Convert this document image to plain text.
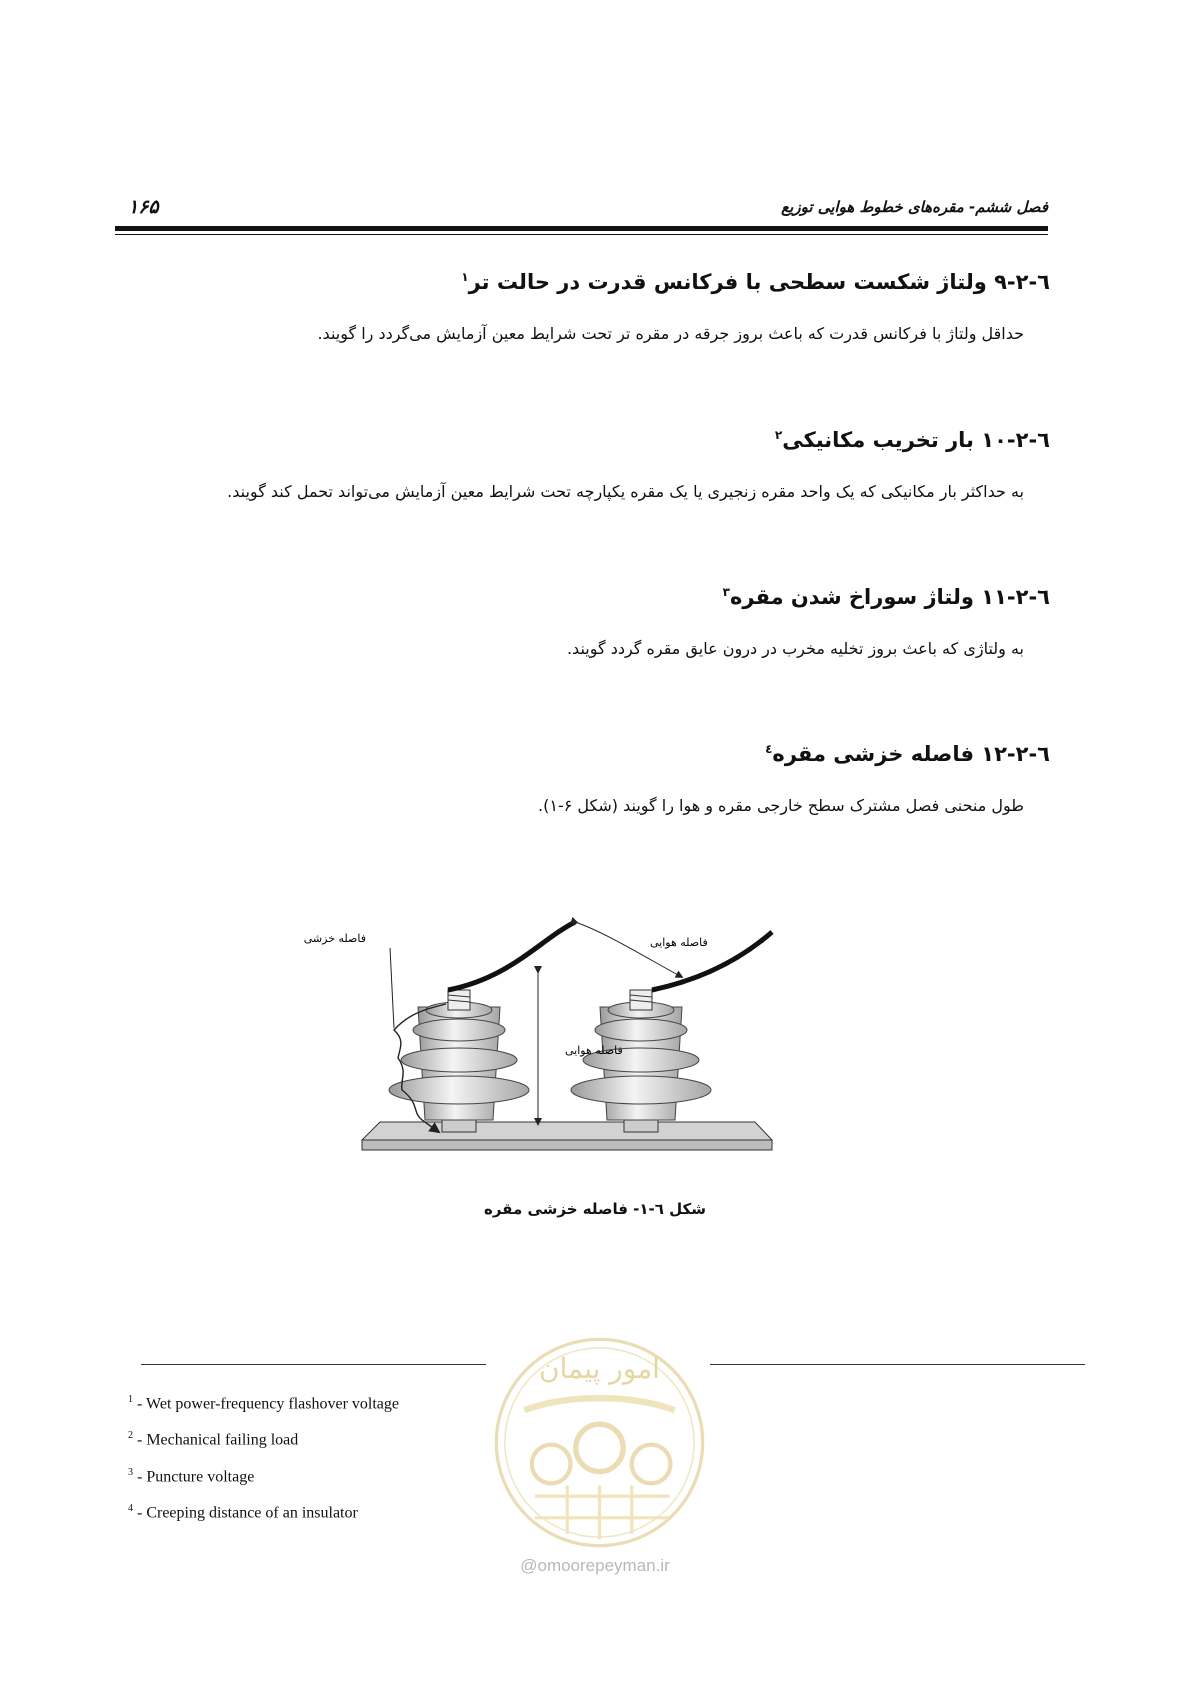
۱۶۵	فصل ششم- مقره‌های خطوط هوایی توزیع
٦-٢-٩ ولتاژ شکست سطحی با فرکانس قدرت در حالت تر$^١$

حداقل ولتاژ با فرکانس قدرت که باعث بروز جرقه در مقره تر تحت شرایط معین آزمایش می‌گردد را گویند.

٦-٢-١٠ بار تخریب مکانیکی$^٢$

به حداکثر بار مکانیکی که یک واحد مقره زنجیری یا یک مقره یکپارچه تحت شرایط معین آزمایش می‌تواند تحمل کند گویند.

٦-٢-١١ ولتاژ سوراخ شدن مقره$^٣$

به ولتاژی که باعث بروز تخلیه مخرب در درون عایق مقره گردد گویند.

٦-٢-١٢ فاصله خزشی مقره$^٤$

طول منحنی فصل مشترک سطح خارجی مقره و هوا را گویند (شکل ۶-۱).

فاصله هوایی
فاصله هوایی
فاصله خزشی
شکل ٦-١- فاصله خزشی مقره
امور پیمان
@omoorepeyman.ir
$^1$ - Wet power-frequency flashover voltage
$^2$ - Mechanical failing load
$^3$ - Puncture voltage
$^4$ - Creeping distance of an insulator
